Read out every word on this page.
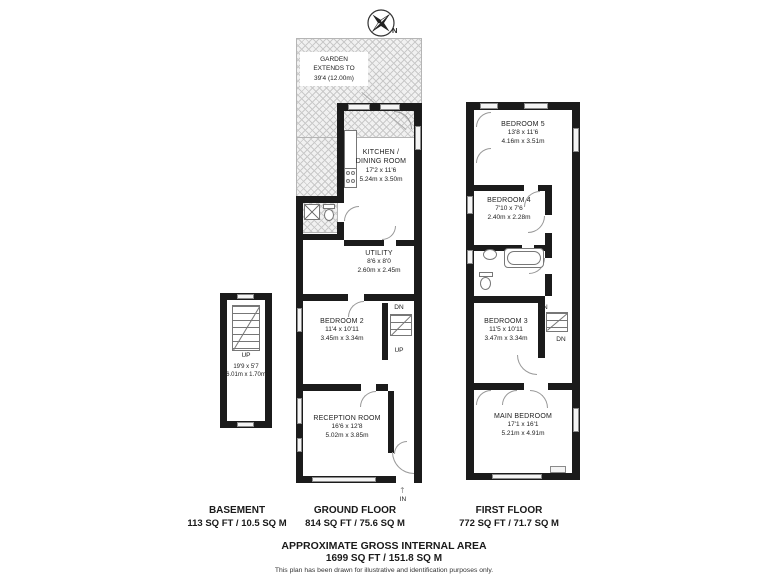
N
GARDEN
EXTENDS TO
39'4 (12.00m)
UP
19'9 x 5'7
6.01m x 1.70m
DN
UP
KITCHEN /
DINING ROOM
17'2 x 11'6
5.24m x 3.50m
UTILITY
8'6 x 8'0
2.60m x 2.45m
BEDROOM 2
11'4 x 10'11
3.45m x 3.34m
RECEPTION ROOM
16'6 x 12'8
5.02m x 3.85m
↑
IN
DN
DN
BEDROOM 5
13'8 x 11'6
4.16m x 3.51m
BEDROOM 4
7'10 x 7'6
2.40m x 2.28m
BEDROOM 3
11'5 x 10'11
3.47m x 3.34m
MAIN BEDROOM
17'1 x 16'1
5.21m x 4.91m
BASEMENT
113 SQ FT / 10.5 SQ M
GROUND FLOOR
814 SQ FT / 75.6 SQ M
FIRST FLOOR
772 SQ FT / 71.7 SQ M
APPROXIMATE GROSS INTERNAL AREA
1699 SQ FT / 151.8 SQ M
This plan has been drawn for illustrative and identification purposes only.
